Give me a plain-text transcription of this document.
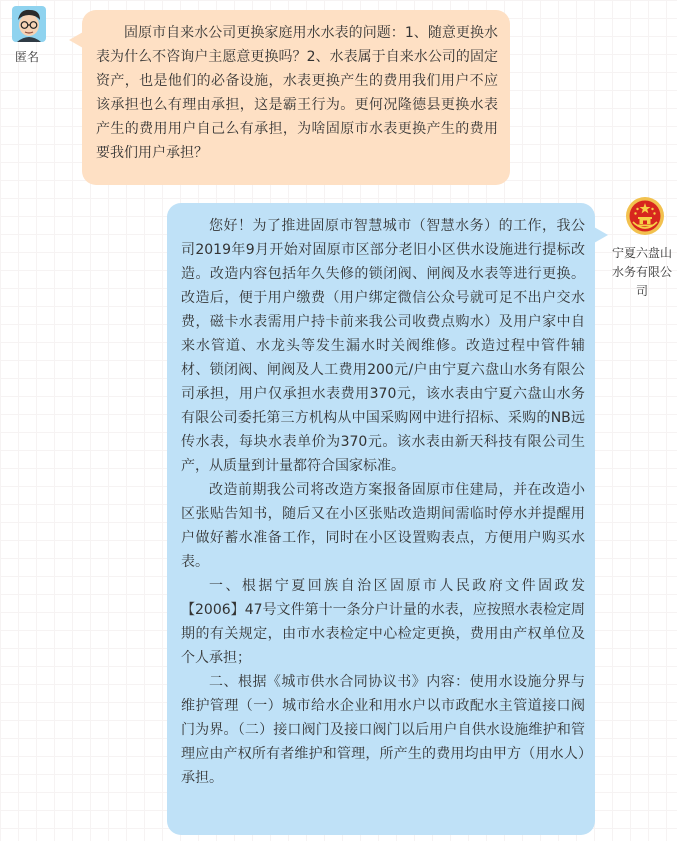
匿名

固原市自来水公司更换家庭用水水表的问题：1、随意更换水表为什么不咨询户主愿意更换吗？2、水表属于自来水公司的固定资产，也是他们的必备设施，水表更换产生的费用我们用户不应该承担也么有理由承担，这是霸王行为。更何况隆德县更换水表产生的费用用户自己么有承担，为啥固原市水表更换产生的费用要我们用户承担？

您好！为了推进固原市智慧城市（智慧水务）的工作，我公司2019年9月开始对固原市区部分老旧小区供水设施进行提标改造。改造内容包括年久失修的锁闭阀、闸阀及水表等进行更换。改造后，便于用户缴费（用户绑定微信公众号就可足不出户交水费，磁卡水表需用户持卡前来我公司收费点购水）及用户家中自来水管道、水龙头等发生漏水时关阀维修。改造过程中管件辅材、锁闭阀、闸阀及人工费用200元/户由宁夏六盘山水务有限公司承担，用户仅承担水表费用370元，该水表由宁夏六盘山水务有限公司委托第三方机构从中国采购网中进行招标、采购的NB远传水表，每块水表单价为370元。该水表由新天科技有限公司生产，从质量到计量都符合国家标准。

改造前期我公司将改造方案报备固原市住建局，并在改造小区张贴告知书，随后又在小区张贴改造期间需临时停水并提醒用户做好蓄水准备工作，同时在小区设置购表点，方便用户购买水表。

一、根据宁夏回族自治区固原市人民政府文件固政发【2006】47号文件第十一条分户计量的水表，应按照水表检定周期的有关规定，由市水表检定中心检定更换，费用由产权单位及个人承担；

二、根据《城市供水合同协议书》内容：使用水设施分界与维护管理（一）城市给水企业和用水户以市政配水主管道接口阀门为界。（二）接口阀门及接口阀门以后用户自供水设施维护和管理应由产权所有者维护和管理，所产生的费用均由甲方（用水人）承担。

宁夏六盘山水务有限公司
